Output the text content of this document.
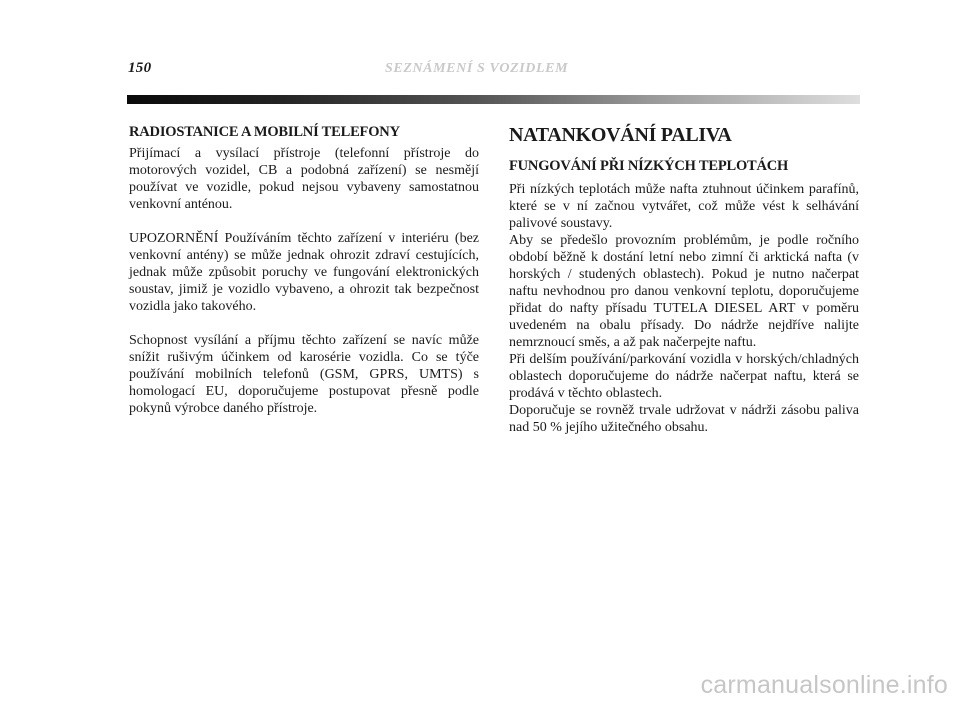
150	SEZNÁMENÍ S VOZIDLEM
RADIOSTANICE A MOBILNÍ TELEFONY

Přijímací a vysílací přístroje (telefonní přístroje do motorových vozidel, CB a podobná zařízení) se nesmějí používat ve vozidle, pokud nejsou vybaveny samostatnou venkovní anténou.

UPOZORNĚNÍ Používáním těchto zařízení v interiéru (bez venkovní antény) se může jednak ohrozit zdraví cestujících, jednak může způsobit poruchy ve fungování elektronických soustav, jimiž je vozidlo vybaveno, a ohrozit tak bezpečnost vozidla jako takového.

Schopnost vysílání a příjmu těchto zařízení se navíc může snížit rušivým účinkem od karosérie vozidla. Co se týče používání mobilních telefonů (GSM, GPRS, UMTS) s homologací EU, doporučujeme postupovat přesně podle pokynů výrobce daného přístroje.

NATANKOVÁNÍ PALIVA
FUNGOVÁNÍ PŘI NÍZKÝCH TEPLOTÁCH

Při nízkých teplotách může nafta ztuhnout účinkem parafínů, které se v ní začnou vytvářet, což může vést k selhávání palivové soustavy.

Aby se předešlo provozním problémům, je podle ročního období běžně k dostání letní nebo zimní či arktická nafta (v horských / studených oblastech). Pokud je nutno načerpat naftu nevhodnou pro danou venkovní teplotu, doporučujeme přidat do nafty přísadu TUTELA DIESEL ART v poměru uvedeném na obalu přísady. Do nádrže nejdříve nalijte nemrznoucí směs, a až pak načerpejte naftu.

Při delším používání/parkování vozidla v horských/chladných oblastech doporučujeme do nádrže načerpat naftu, která se prodává v těchto oblastech.

Doporučuje se rovněž trvale udržovat v nádrži zásobu paliva nad 50 % jejího užitečného obsahu.

carmanualsonline.info
